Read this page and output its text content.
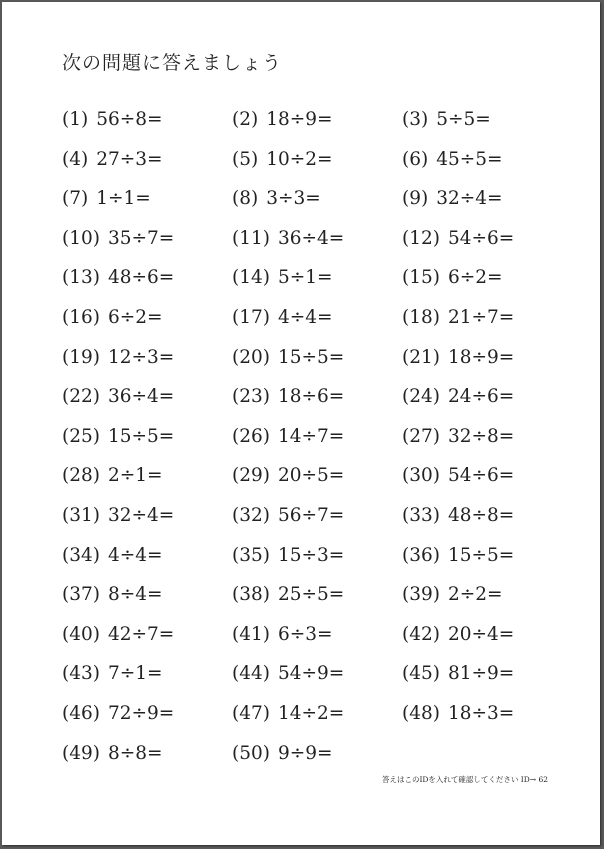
次の問題に答えましょう
(1) 56÷8=	(2) 18÷9=	(3) 5÷5=
(4) 27÷3=	(5) 10÷2=	(6) 45÷5=
(7) 1÷1=	(8) 3÷3=	(9) 32÷4=
(10) 35÷7=	(11) 36÷4=	(12) 54÷6=
(13) 48÷6=	(14) 5÷1=	(15) 6÷2=
(16) 6÷2=	(17) 4÷4=	(18) 21÷7=
(19) 12÷3=	(20) 15÷5=	(21) 18÷9=
(22) 36÷4=	(23) 18÷6=	(24) 24÷6=
(25) 15÷5=	(26) 14÷7=	(27) 32÷8=
(28) 2÷1=	(29) 20÷5=	(30) 54÷6=
(31) 32÷4=	(32) 56÷7=	(33) 48÷8=
(34) 4÷4=	(35) 15÷3=	(36) 15÷5=
(37) 8÷4=	(38) 25÷5=	(39) 2÷2=
(40) 42÷7=	(41) 6÷3=	(42) 20÷4=
(43) 7÷1=	(44) 54÷9=	(45) 81÷9=
(46) 72÷9=	(47) 14÷2=	(48) 18÷3=
(49) 8÷8=	(50) 9÷9=
答えはこのIDを入れて確認してください ID→ 62
